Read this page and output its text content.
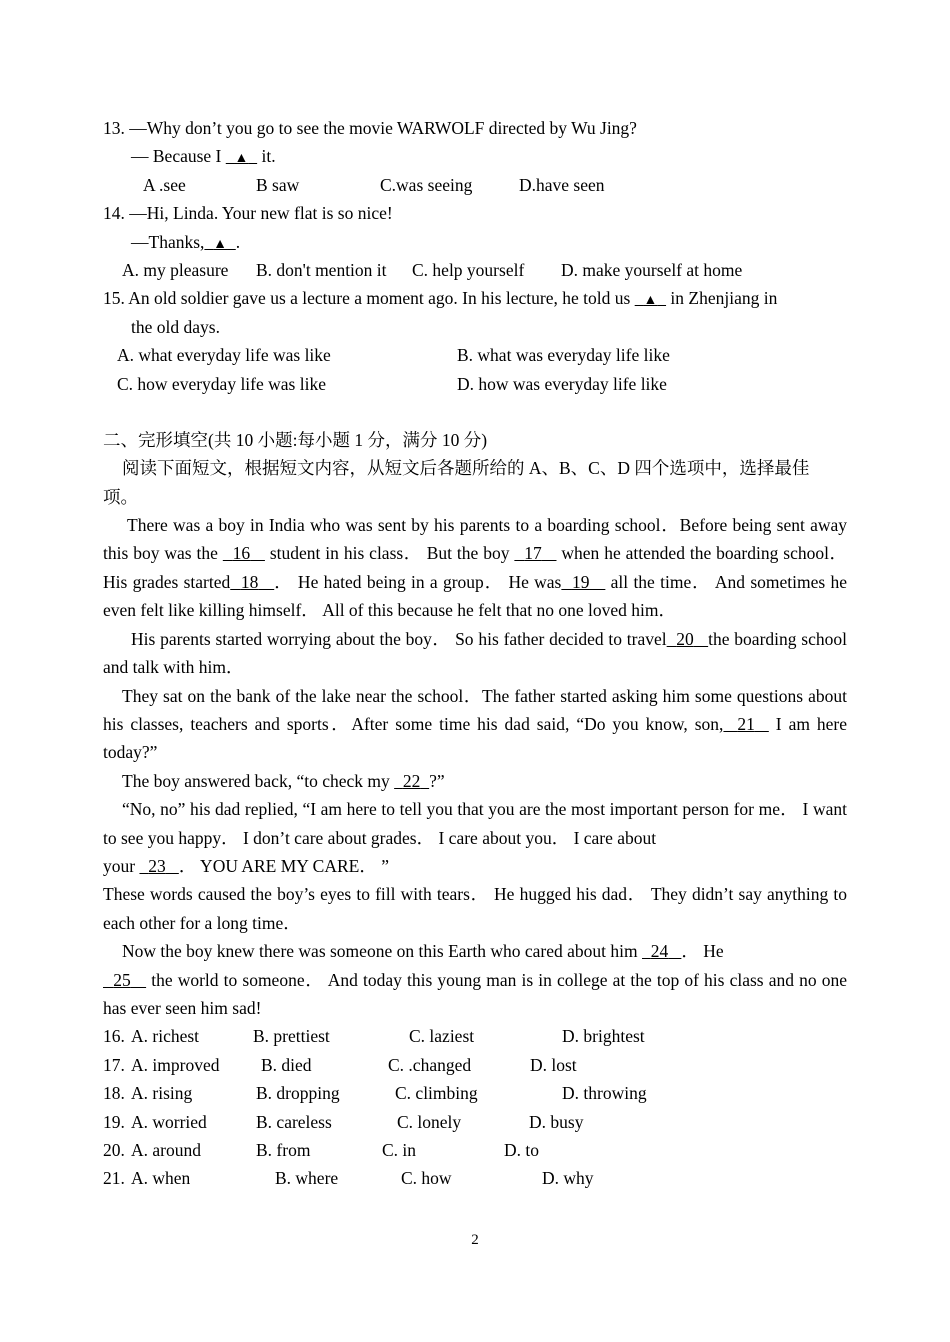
13. —Why don’t you go to see the movie WARWOLF directed by Wu Jing?
— Because I   ▲   it.
A .see	B saw	C.was seeing	D.have seen
14. —Hi, Linda. Your new flat is so nice!
—Thanks, ▲ .
A. my pleasure B. don't mention it C. help yourself D. make yourself at home
15. An old soldier gave us a lecture a moment ago. In his lecture, he told us   ▲   in Zhenjiang in
the old days.
A. what everyday life was like	B. what was everyday life like
C. how everyday life was like	D. how was everyday life like
二、完形填空(共 10 小题:每小题 1 分，满分 10 分)
阅读下面短文，根据短文内容，从短文后各题所给的 A、B、C、D 四个选项中，选择最佳
项。
There was a boy in India who was sent by his parents to a boarding school．Before being sent away this boy was the   16    student in his class． But the boy   17    when he attended the boarding school． His grades started 18 ． He hated being in a group． He was 19    all the time． And sometimes he even felt like killing himself． All of this because he felt that no one loved him．
His parents started worrying about the boy． So his father decided to travel 20 the boarding school and talk with him．
They sat on the bank of the lake near the school．The father started asking him some questions about his classes, teachers and sports．After some time his dad said, “Do you know, son, 21   I am here today?”
The boy answered back, “to check my   22 ?”
“No, no” his dad replied, “I am here to tell you that you are the most important person for me． I want to see you happy． I don’t care about grades． I care about you． I care about
your   23 ． YOU ARE MY CARE． ”
These words caused the boy’s eyes to fill with tears． He hugged his dad． They didn’t say anything to each other for a long time．
Now the boy knew there was someone on this Earth who cared about him   24 ． He
25    the world to someone． And today this young man is in college at the top of his class and no one has ever seen him sad!
16. A. richest	B. prettiest	C. laziest	D. brightest
17. A. improved B. died	C. .changed	D. lost
18. A. rising	B. dropping	C. climbing	D. throwing
19. A. worried	B. careless	C. lonely	D. busy
20. A. around	B. from	C. in	D. to
21. A. when	B. where	C. how	D. why
2
